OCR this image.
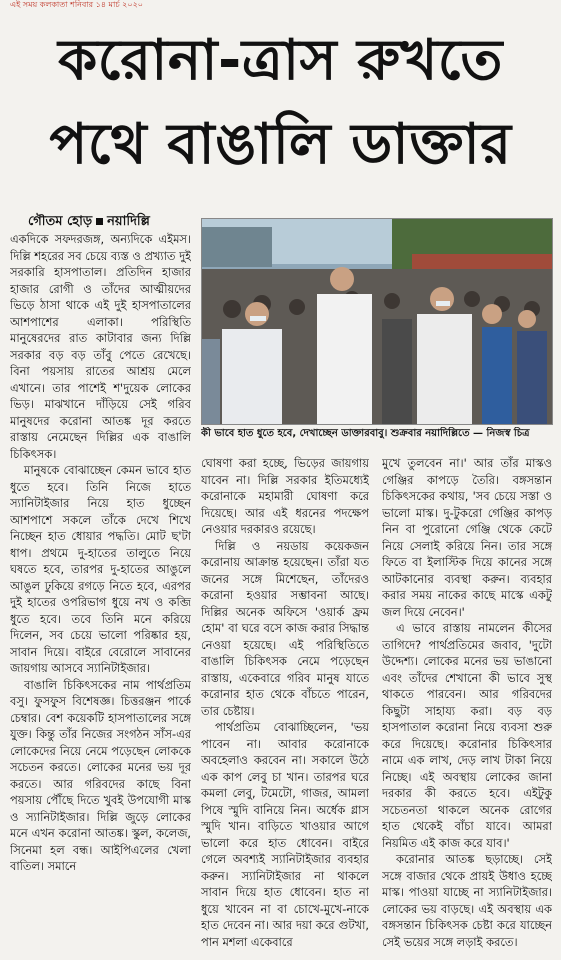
এই সময় কলকাতা শনিবার ১৪ মার্চ ২০২০
করোনা-ত্রাস রুখতে
পথে বাঙালি ডাক্তার
গৌতম হোড় নয়াদিল্লি
কী ভাবে হাত ধুতে হবে, দেখাচ্ছেন ডাক্তারবাবু। শুক্রবার নয়াদিল্লিতে — নিজস্ব চিত্র

একদিকে সফদরজঙ্গ, অন্যদিকে এইমস। দিল্লি শহরের সব চেয়ে ব্যস্ত ও প্রখ্যাত দুই সরকারি হাসপাতাল। প্রতিদিন হাজার হাজার রোগী ও তাঁদের আত্মীয়দের ভিড়ে ঠাসা থাকে এই দুই হাসপাতালের আশপাশের এলাকা। পরিস্থিতি মানুষেরদের রাত কাটাবার জন্য দিল্লি সরকার বড় বড় তাঁবু পেতে রেখেছে। বিনা পয়সায় রাতের আশ্রয় মেলে এখানে। তার পাশেই শ'দুয়েক লোকের ভিড়। মাঝখানে দাঁড়িয়ে সেই গরিব মানুষদের করোনা আতঙ্ক দূর করতে রাস্তায় নেমেছেন দিল্লির এক বাঙালি চিকিৎসক।

মানুষকে বোঝাচ্ছেন কেমন ভাবে হাত ধুতে হবে। তিনি নিজে হাতে স্যানিটাইজার নিয়ে হাত ধুচ্ছেন আশপাশে সকলে তাঁকে দেখে শিখে নিচ্ছেন হাত ধোয়ার পদ্ধতি। মোট ছ'টা ধাপ। প্রথমে দু-হাতের তালুতে নিয়ে ঘষতে হবে, তারপর দু-হাতের আঙুলে আঙুল ঢুকিয়ে রগড়ে নিতে হবে, এরপর দুই হাতের ওপরিভাগ ধুয়ে নখ ও কব্জি ধুতে হবে। তবে তিনি মনে করিয়ে দিলেন, সব চেয়ে ভালো পরিষ্কার হয়, সাবান দিয়ে। বাইরে বেরোলে সাবানের জায়গায় আসবে স্যানিটাইজার।

বাঙালি চিকিৎসকের নাম পার্থপ্রতিম বসু। ফুসফুস বিশেষজ্ঞ। চিত্তরঞ্জন পার্কে চেম্বার। বেশ কয়েকটি হাসপাতালের সঙ্গে যুক্ত। কিন্তু তাঁর নিজের সংগঠন সাঁস-এর লোকেদের নিয়ে নেমে পড়েছেন লোককে সচেতন করতে। লোকের মনের ভয় দূর করতে। আর গরিবদের কাছে বিনা পয়সায় পৌঁছে দিতে খুবই উপযোগী মাস্ক ও স্যানিটাইজার। দিল্লি জুড়ে লোকের মনে এখন করোনা আতঙ্ক। স্কুল, কলেজ, সিনেমা হল বন্ধ। আইপিএলের খেলা বাতিল। সমানে

ঘোষণা করা হচ্ছে, ভিড়ের জায়গায় যাবেন না। দিল্লি সরকার ইতিমধ্যেই করোনাকে মহামারী ঘোষণা করে দিয়েছে। আর এই ধরনের পদক্ষেপ নেওয়ার দরকারও রয়েছে।

দিল্লি ও নয়ডায় কয়েকজন করোনায় আক্রান্ত হয়েছেন। তাঁরা যত জনের সঙ্গে মিশেছেন, তাঁদেরও করোনা হওয়ার সম্ভাবনা আছে। দিল্লির অনেক অফিসে 'ওয়ার্ক ফ্রম হোম' বা ঘরে বসে কাজ করার সিদ্ধান্ত নেওয়া হয়েছে। এই পরিস্থিতিতে বাঙালি চিকিৎসক নেমে পড়েছেন রাস্তায়, একেবারে গরিব মানুষ যাতে করোনার হাত থেকে বাঁচতে পারেন, তার চেষ্টায়।

পার্থপ্রতিম বোঝাচ্ছিলেন, 'ভয় পাবেন না। আবার করোনাকে অবহেলাও করবেন না। সকালে উঠে এক কাপ লেবু চা খান। তারপর ঘরে কমলা লেবু, টমেটো, গাজর, আমলা পিষে স্মুদি বানিয়ে নিন। অর্ধেক গ্লাস স্মুদি খান। বাড়িতে খাওয়ার আগে ভালো করে হাত ধোবেন। বাইরে গেলে অবশ্যই স্যানিটাইজার ব্যবহার করুন। স্যানিটাইজার না থাকলে সাবান দিয়ে হাত ধোবেন। হাত না ধুয়ে খাবেন না বা চোখে-মুখে-নাকে হাত দেবেন না। আর দয়া করে গুটখা, পান মশলা একেবারে

মুখে তুলবেন না।' আর তাঁর মাস্কও গেঞ্জির কাপড়ে তৈরি। বঙ্গসন্তান চিকিৎসকের কথায়, 'সব চেয়ে সস্তা ও ভালো মাস্ক। দু-টুকরো গেঞ্জির কাপড় নিন বা পুরোনো গেঞ্জি থেকে কেটে নিয়ে সেলাই করিয়ে নিন। তার সঙ্গে ফিতে বা ইলাস্টিক দিয়ে কানের সঙ্গে আটকানোর ব্যবস্থা করুন। ব্যবহার করার সময় নাকের কাছে মাস্কে একটু জল দিয়ে নেবেন।'

এ ভাবে রাস্তায় নামলেন কীসের তাগিদে? পার্থপ্রতিমের জবাব, 'দুটো উদ্দেশ্য। লোকের মনের ভয় ভাঙানো এবং তাঁদের শেখানো কী ভাবে সুস্থ থাকতে পারবেন। আর গরিবদের কিছুটা সাহায্য করা। বড় বড় হাসপাতাল করোনা নিয়ে ব্যবসা শুরু করে দিয়েছে। করোনার চিকিৎসার নামে এক লাখ, দেড় লাখ টাকা নিয়ে নিচ্ছে। এই অবস্থায় লোকের জানা দরকার কী করতে হবে। এইটুকু সচেতনতা থাকলে অনেক রোগের হাত থেকেই বাঁচা যাবে। আমরা নিয়মিত এই কাজ করে যাব।'

করোনার আতঙ্ক ছড়াচ্ছে। সেই সঙ্গে বাজার থেকে প্রায়ই উধাও হচ্ছে মাস্ক। পাওয়া যাচ্ছে না স্যানিটাইজার। লোকের ভয় বাড়ছে। এই অবস্থায় এক বঙ্গসন্তান চিকিৎসক চেষ্টা করে যাচ্ছেন সেই ভয়ের সঙ্গে লড়াই করতে।
